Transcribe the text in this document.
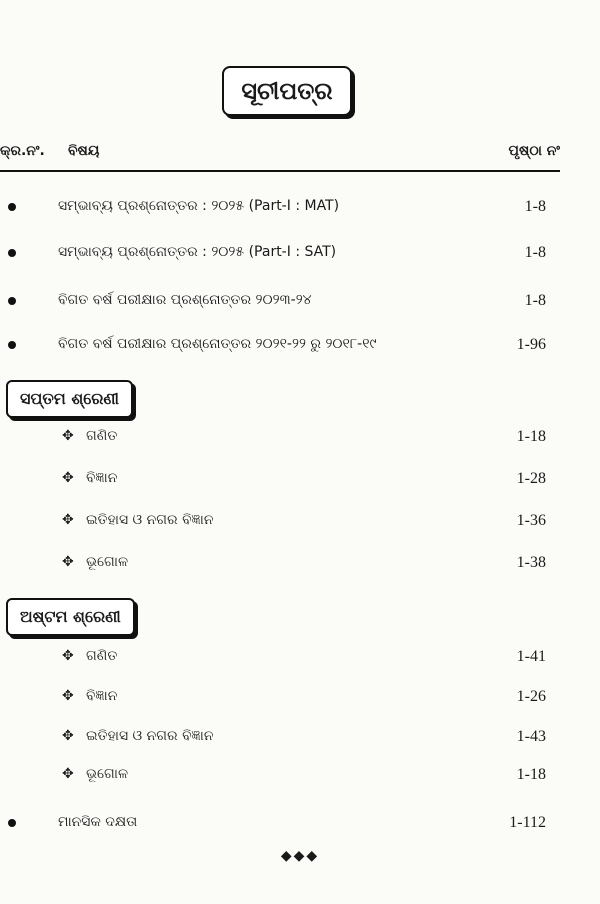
ସୂଚୀପତ୍ର
କ୍ର.ନଂ. ବିଷୟ	ପୃଷ୍ଠା ନଂ
ସମ୍ଭାବ୍ୟ ପ୍ରଶ୍ନୋତ୍ତର : ୨୦୨୫ (Part-I : MAT)	1-8
ସମ୍ଭାବ୍ୟ ପ୍ରଶ୍ନୋତ୍ତର : ୨୦୨୫ (Part-I : SAT)	1-8
ବିଗତ ବର୍ଷ ପରୀକ୍ଷାର ପ୍ରଶ୍ନୋତ୍ତର ୨୦୨୩-୨୪	1-8
ବିଗତ ବର୍ଷ ପରୀକ୍ଷାର ପ୍ରଶ୍ନୋତ୍ତର ୨୦୨୧-୨୨ ରୁ ୨୦୧୮-୧୯	1-96
ସପ୍ତମ ଶ୍ରେଣୀ
✥ ଗଣିତ	1-18
✥ ବିଜ୍ଞାନ	1-28
✥ ଇତିହାସ ଓ ନଗର ବିଜ୍ଞାନ	1-36
✥ ଭୂଗୋଳ	1-38
ଅଷ୍ଟମ ଶ୍ରେଣୀ
✥ ଗଣିତ	1-41
✥ ବିଜ୍ଞାନ	1-26
✥ ଇତିହାସ ଓ ନଗର ବିଜ୍ଞାନ	1-43
✥ ଭୂଗୋଳ	1-18
ମାନସିକ ଦକ୍ଷତା	1-112
◆◆◆
